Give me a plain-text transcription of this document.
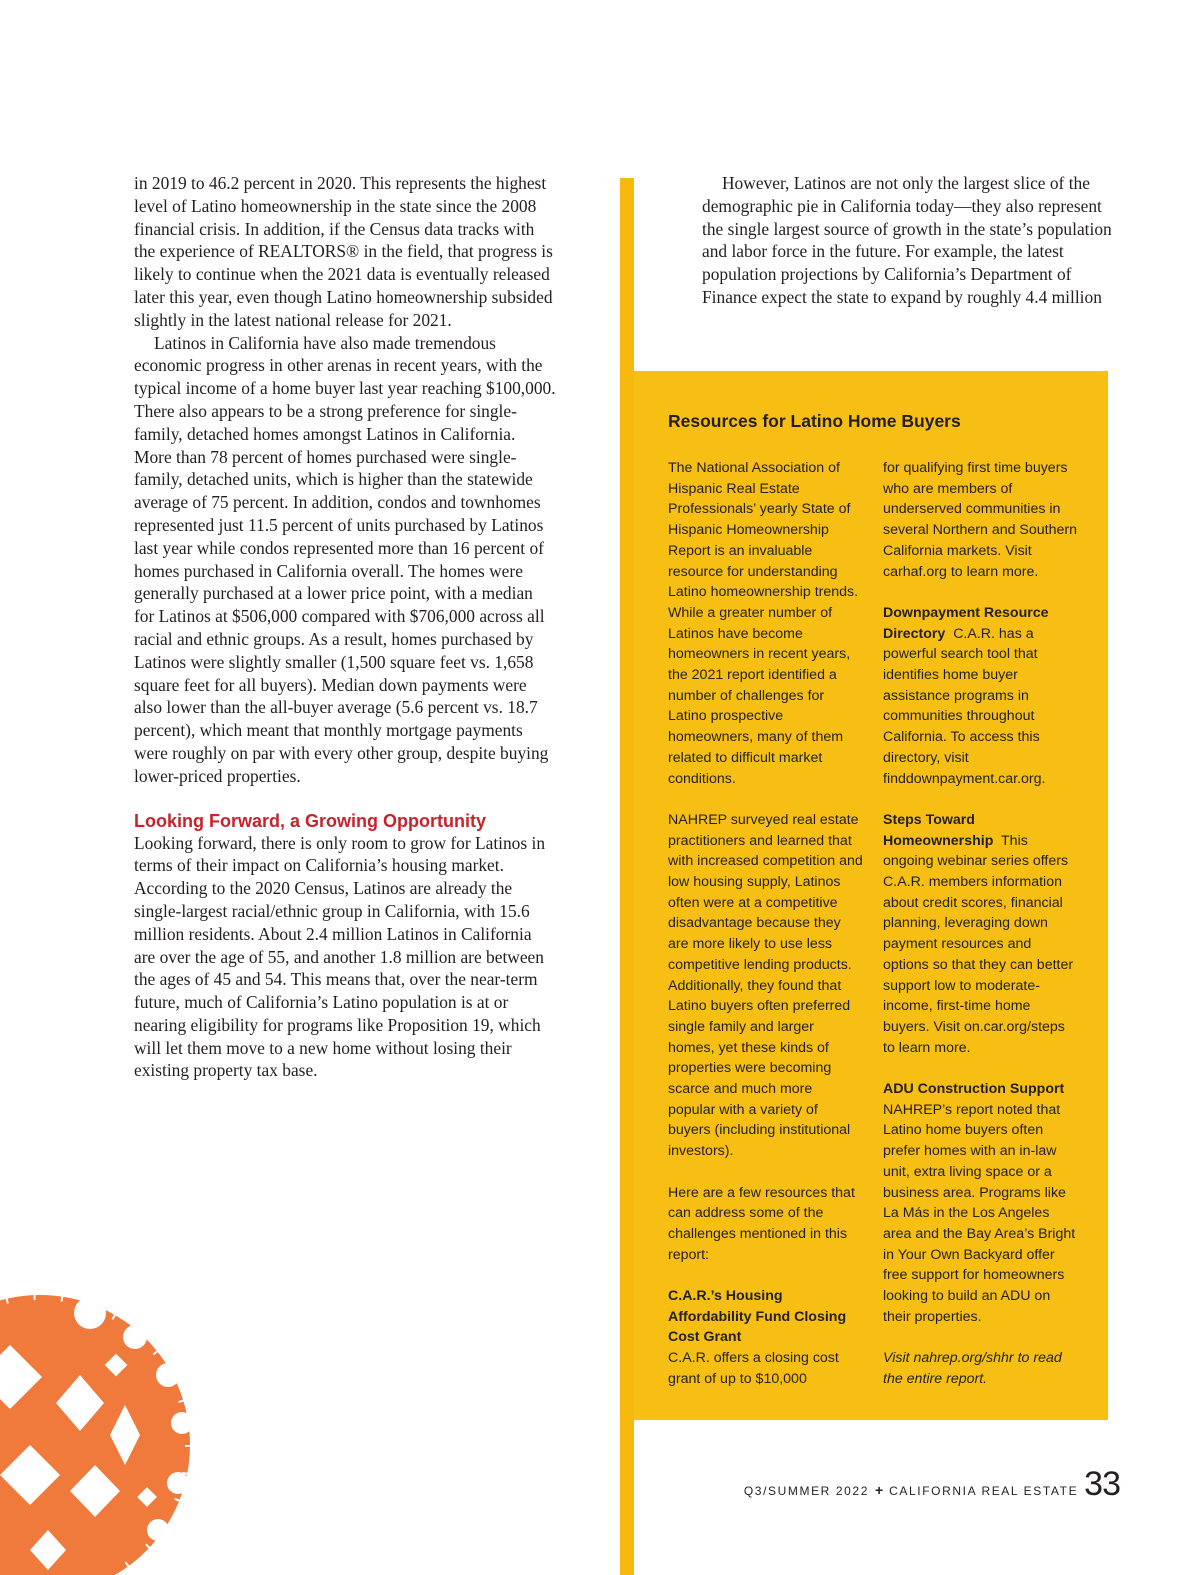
in 2019 to 46.2 percent in 2020. This represents the highest level of Latino homeownership in the state since the 2008 financial crisis. In addition, if the Census data tracks with the experience of REALTORS® in the field, that progress is likely to continue when the 2021 data is eventually released later this year, even though Latino homeownership subsided slightly in the latest national release for 2021.

Latinos in California have also made tremendous economic progress in other arenas in recent years, with the typical income of a home buyer last year reaching $100,000. There also appears to be a strong preference for single-family, detached homes amongst Latinos in California. More than 78 percent of homes purchased were single-family, detached units, which is higher than the statewide average of 75 percent. In addition, condos and townhomes represented just 11.5 percent of units purchased by Latinos last year while condos represented more than 16 percent of homes purchased in California overall. The homes were generally purchased at a lower price point, with a median for Latinos at $506,000 compared with $706,000 across all racial and ethnic groups. As a result, homes purchased by Latinos were slightly smaller (1,500 square feet vs. 1,658 square feet for all buyers). Median down payments were also lower than the all-buyer average (5.6 percent vs. 18.7 percent), which meant that monthly mortgage payments were roughly on par with every other group, despite buying lower-priced properties.

Looking Forward, a Growing Opportunity

Looking forward, there is only room to grow for Latinos in terms of their impact on California’s housing market. According to the 2020 Census, Latinos are already the single-largest racial/ethnic group in California, with 15.6 million residents. About 2.4 million Latinos in California are over the age of 55, and another 1.8 million are between the ages of 45 and 54. This means that, over the near-term future, much of California’s Latino population is at or nearing eligibility for programs like Proposition 19, which will let them move to a new home without losing their existing property tax base.

However, Latinos are not only the largest slice of the demographic pie in California today—they also represent the single largest source of growth in the state’s population and labor force in the future. For example, the latest population projections by California’s Department of Finance expect the state to expand by roughly 4.4 million

Resources for Latino Home Buyers

The National Association of Hispanic Real Estate Professionals’ yearly State of Hispanic Homeownership Report is an invaluable resource for understanding Latino homeownership trends. While a greater number of Latinos have become homeowners in recent years, the 2021 report identified a number of challenges for Latino prospective homeowners, many of them related to difficult market conditions.

NAHREP surveyed real estate practitioners and learned that with increased competition and low housing supply, Latinos often were at a competitive disadvantage because they are more likely to use less competitive lending products. Additionally, they found that Latino buyers often preferred single family and larger homes, yet these kinds of properties were becoming scarce and much more popular with a variety of buyers (including institutional investors).

Here are a few resources that can address some of the challenges mentioned in this report:

C.A.R.’s Housing Affordability Fund Closing Cost Grant
C.A.R. offers a closing cost grant of up to $10,000

for qualifying first time buyers who are members of underserved communities in several Northern and Southern California markets. Visit carhaf.org to learn more.

Downpayment Resource Directory C.A.R. has a powerful search tool that identifies home buyer assistance programs in communities throughout California. To access this directory, visit finddownpayment.car.org.

Steps Toward Homeownership This ongoing webinar series offers C.A.R. members information about credit scores, financial planning, leveraging down payment resources and options so that they can better support low to moderate-income, first-time home buyers. Visit on.car.org/steps to learn more.

ADU Construction Support
NAHREP’s report noted that Latino home buyers often prefer homes with an in-law unit, extra living space or a business area. Programs like La Más in the Los Angeles area and the Bay Area’s Bright in Your Own Backyard offer free support for homeowners looking to build an ADU on their properties.

Visit nahrep.org/shhr to read the entire report.

Q3/SUMMER 2022 + CALIFORNIA REAL ESTATE 33
